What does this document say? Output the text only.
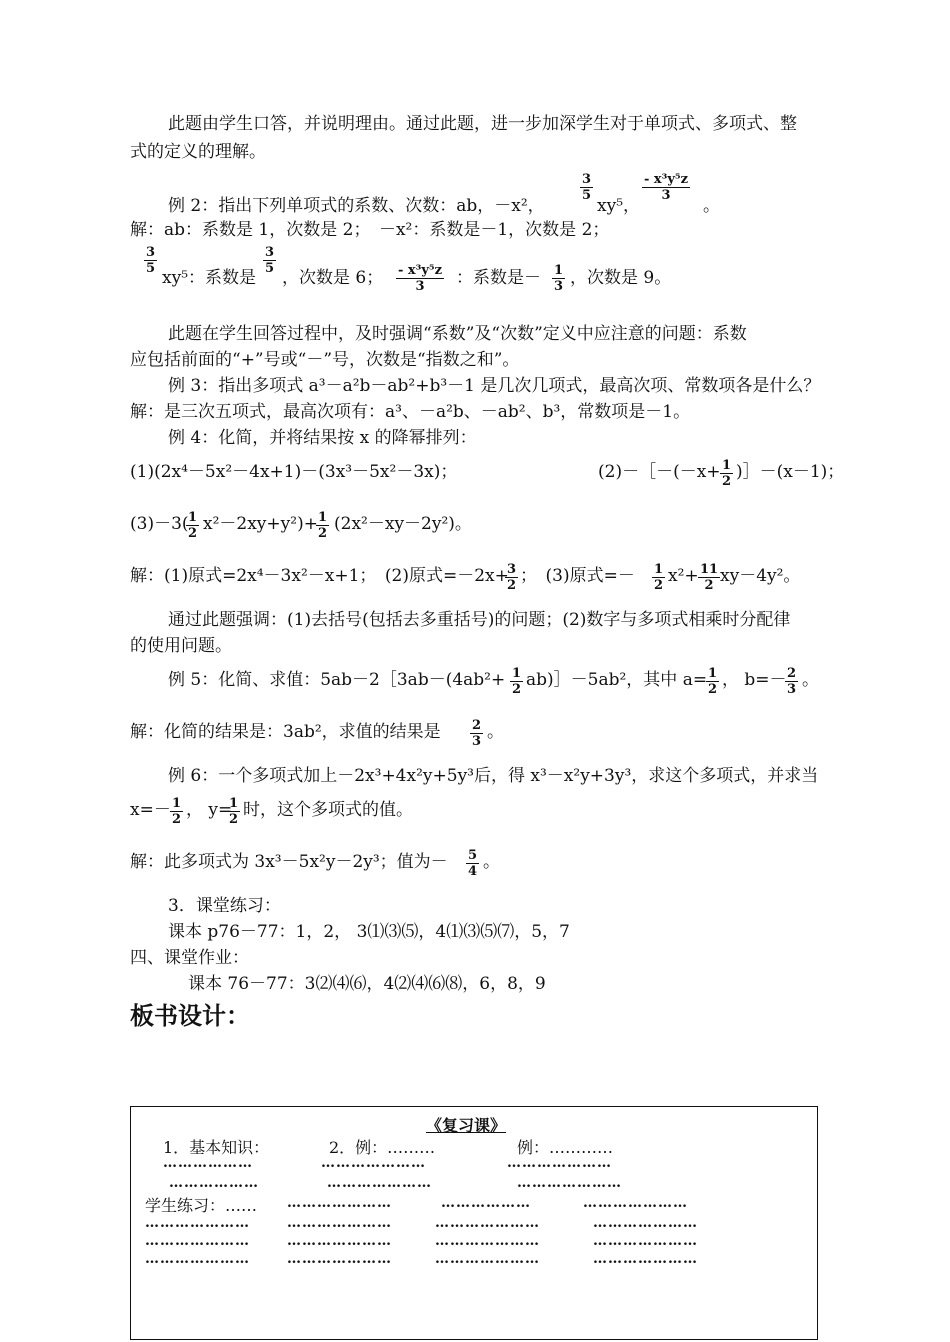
此题由学生口答，并说明理由。通过此题，进一步加深学生对于单项式、多项式、整
式的定义的理解。
例 2：指出下列单项式的系数、次数：ab，－x²，
$\frac{3}{5}$
xy⁵，
$\frac{\text{- x³y⁵z}}{3}$
。
解：ab：系数是 1，次数是 2；　－x²：系数是－1，次数是 2；
$\frac{3}{5}$
xy⁵：系数是
$\frac{3}{5}$
，次数是 6； $\frac{\text{- x³y⁵z}}{3}$ ：系数是－ $\frac{1}{3}$ ，次数是 9。
此题在学生回答过程中，及时强调“系数”及“次数”定义中应注意的问题：系数
应包括前面的“+”号或“－”号，次数是“指数之和”。
例 3：指出多项式 a³－a²b－ab²+b³－1 是几次几项式，最高次项、常数项各是什么？
解：是三次五项式，最高次项有：a³、－a²b、－ab²、b³，常数项是－1。
例 4：化简，并将结果按 x 的降幂排列：
(1)(2x⁴－5x²－4x+1)－(3x³－5x²－3x)；	(2)－［－(－x+ $\frac{1}{2}$ )］－(x－1)；
(3)－3(
$\frac{1}{2} x^2-2xy+y^2)+$
$\frac{1}{2} (2x^2-xy-2y^2)$。
解：(1)原式=2x⁴－3x²－x+1；　(2)原式=－2x+
$\frac{3}{2}$ ；　(3)原式=－ $\frac{1}{2} x^2+ \frac{11}{2} xy-4y^2$。
通过此题强调：(1)去括号(包括去多重括号)的问题；(2)数字与多项式相乘时分配律
的使用问题。
例 5：化简、求值：5ab－2［3ab－(4ab²+ $\frac{1}{2}$ ab)］－5ab²，其中 a=
$\frac{1}{2}$ ， b=－
$\frac{2}{3}$ 。
解：化简的结果是：3ab²，求值的结果是 $\frac{2}{3}$ 。
例 6：一个多项式加上－2x³+4x²y+5y³后，得 x³－x²y+3y³，求这个多项式，并求当
$x=- \frac{1}{2}$ ， y=
$\frac{1}{2}$ 时，这个多项式的值。
解：此多项式为 3x³－5x²y－2y³；值为－ $\frac{5}{4}$ 。
3．课堂练习：
课本 p76－77：1，2， 3⑴⑶⑸，4⑴⑶⑸⑺，5，7
四、课堂作业：
课本 76－77：3⑵⑷⑹，4⑵⑷⑹⑻，6，8，9
板书设计：
《复习课》
1．基本知识：	2．例：………	例：…………
………………	…………………	…………………
………………	…………………	…………………
学生练习：…… …………………	………………	…………………
…………………	…………………	…………………	…………………
…………………	…………………	…………………	…………………
…………………	…………………	…………………	…………………
